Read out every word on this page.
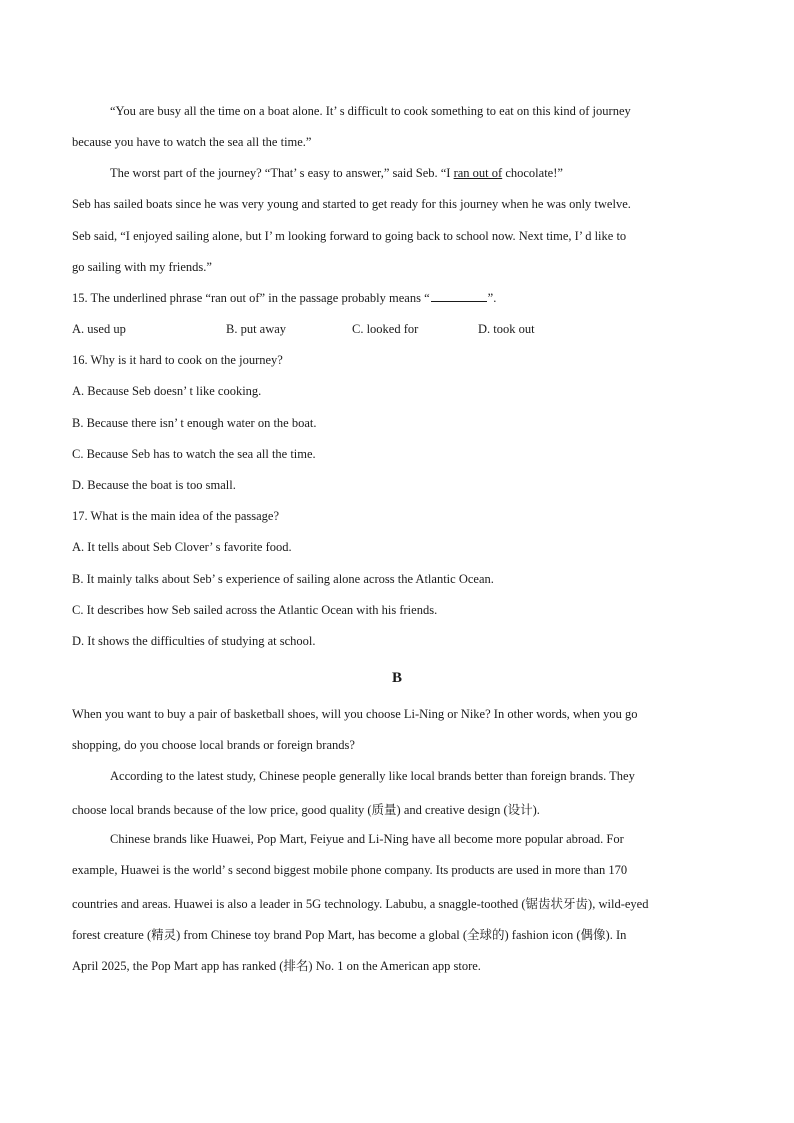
“You are busy all the time on a boat alone. It’ s difficult to cook something to eat on this kind of journey
because you have to watch the sea all the time.”
The worst part of the journey? “That’ s easy to answer,” said Seb. “I ran out of chocolate!”
Seb has sailed boats since he was very young and started to get ready for this journey when he was only twelve.
Seb said, “I enjoyed sailing alone, but I’ m looking forward to going back to school now. Next time, I’ d like to
go sailing with my friends.”
15. The underlined phrase “ran out of” in the passage probably means “	”.
A. used up	B. put away	C. looked for	D. took out
16. Why is it hard to cook on the journey?
A. Because Seb doesn’ t like cooking.
B. Because there isn’ t enough water on the boat.
C. Because Seb has to watch the sea all the time.
D. Because the boat is too small.
17. What is the main idea of the passage?
A. It tells about Seb Clover’ s favorite food.
B. It mainly talks about Seb’ s experience of sailing alone across the Atlantic Ocean.
C. It describes how Seb sailed across the Atlantic Ocean with his friends.
D. It shows the difficulties of studying at school.
B
When you want to buy a pair of basketball shoes, will you choose Li-Ning or Nike? In other words, when you go
shopping, do you choose local brands or foreign brands?
According to the latest study, Chinese people generally like local brands better than foreign brands. They
choose local brands because of the low price, good quality (质量) and creative design (设计).
Chinese brands like Huawei, Pop Mart, Feiyue and Li-Ning have all become more popular abroad. For
example, Huawei is the world’ s second biggest mobile phone company. Its products are used in more than 170
countries and areas. Huawei is also a leader in 5G technology. Labubu, a snaggle-toothed (锯齿状牙齿), wild-eyed
forest creature (精灵) from Chinese toy brand Pop Mart, has become a global (全球的) fashion icon (偶像). In
April 2025, the Pop Mart app has ranked (排名) No. 1 on the American app store.
